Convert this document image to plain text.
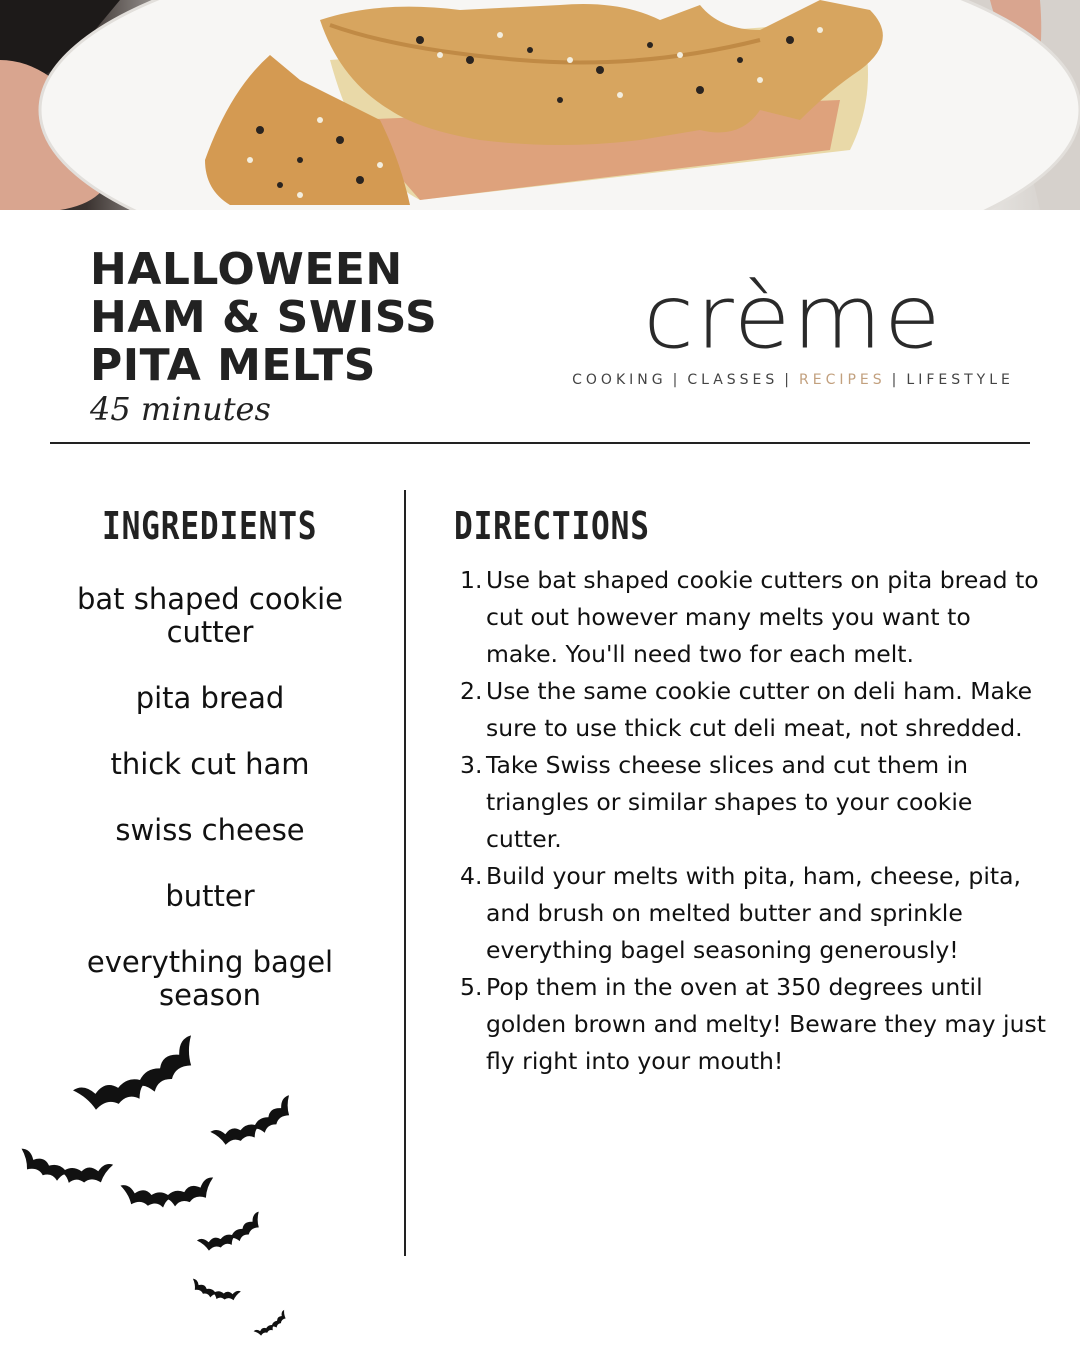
HALLOWEEN
HAM & SWISS
PITA MELTS
45 minutes
crème
COOKING | CLASSES | RECIPES | LIFESTYLE
INGREDIENTS
bat shaped cookie cutter
pita bread
thick cut ham
swiss cheese
butter
everything bagel season
DIRECTIONS
1. Use bat shaped cookie cutters on pita bread to cut out however many melts you want to make. You'll need two for each melt.
2. Use the same cookie cutter on deli ham. Make sure to use thick cut deli meat, not shredded.
3. Take Swiss cheese slices and cut them in triangles or similar shapes to your cookie cutter.
4. Build your melts with pita, ham, cheese, pita, and brush on melted butter and sprinkle everything bagel seasoning generously!
5. Pop them in the oven at 350 degrees until golden brown and melty! Beware they may just fly right into your mouth!
